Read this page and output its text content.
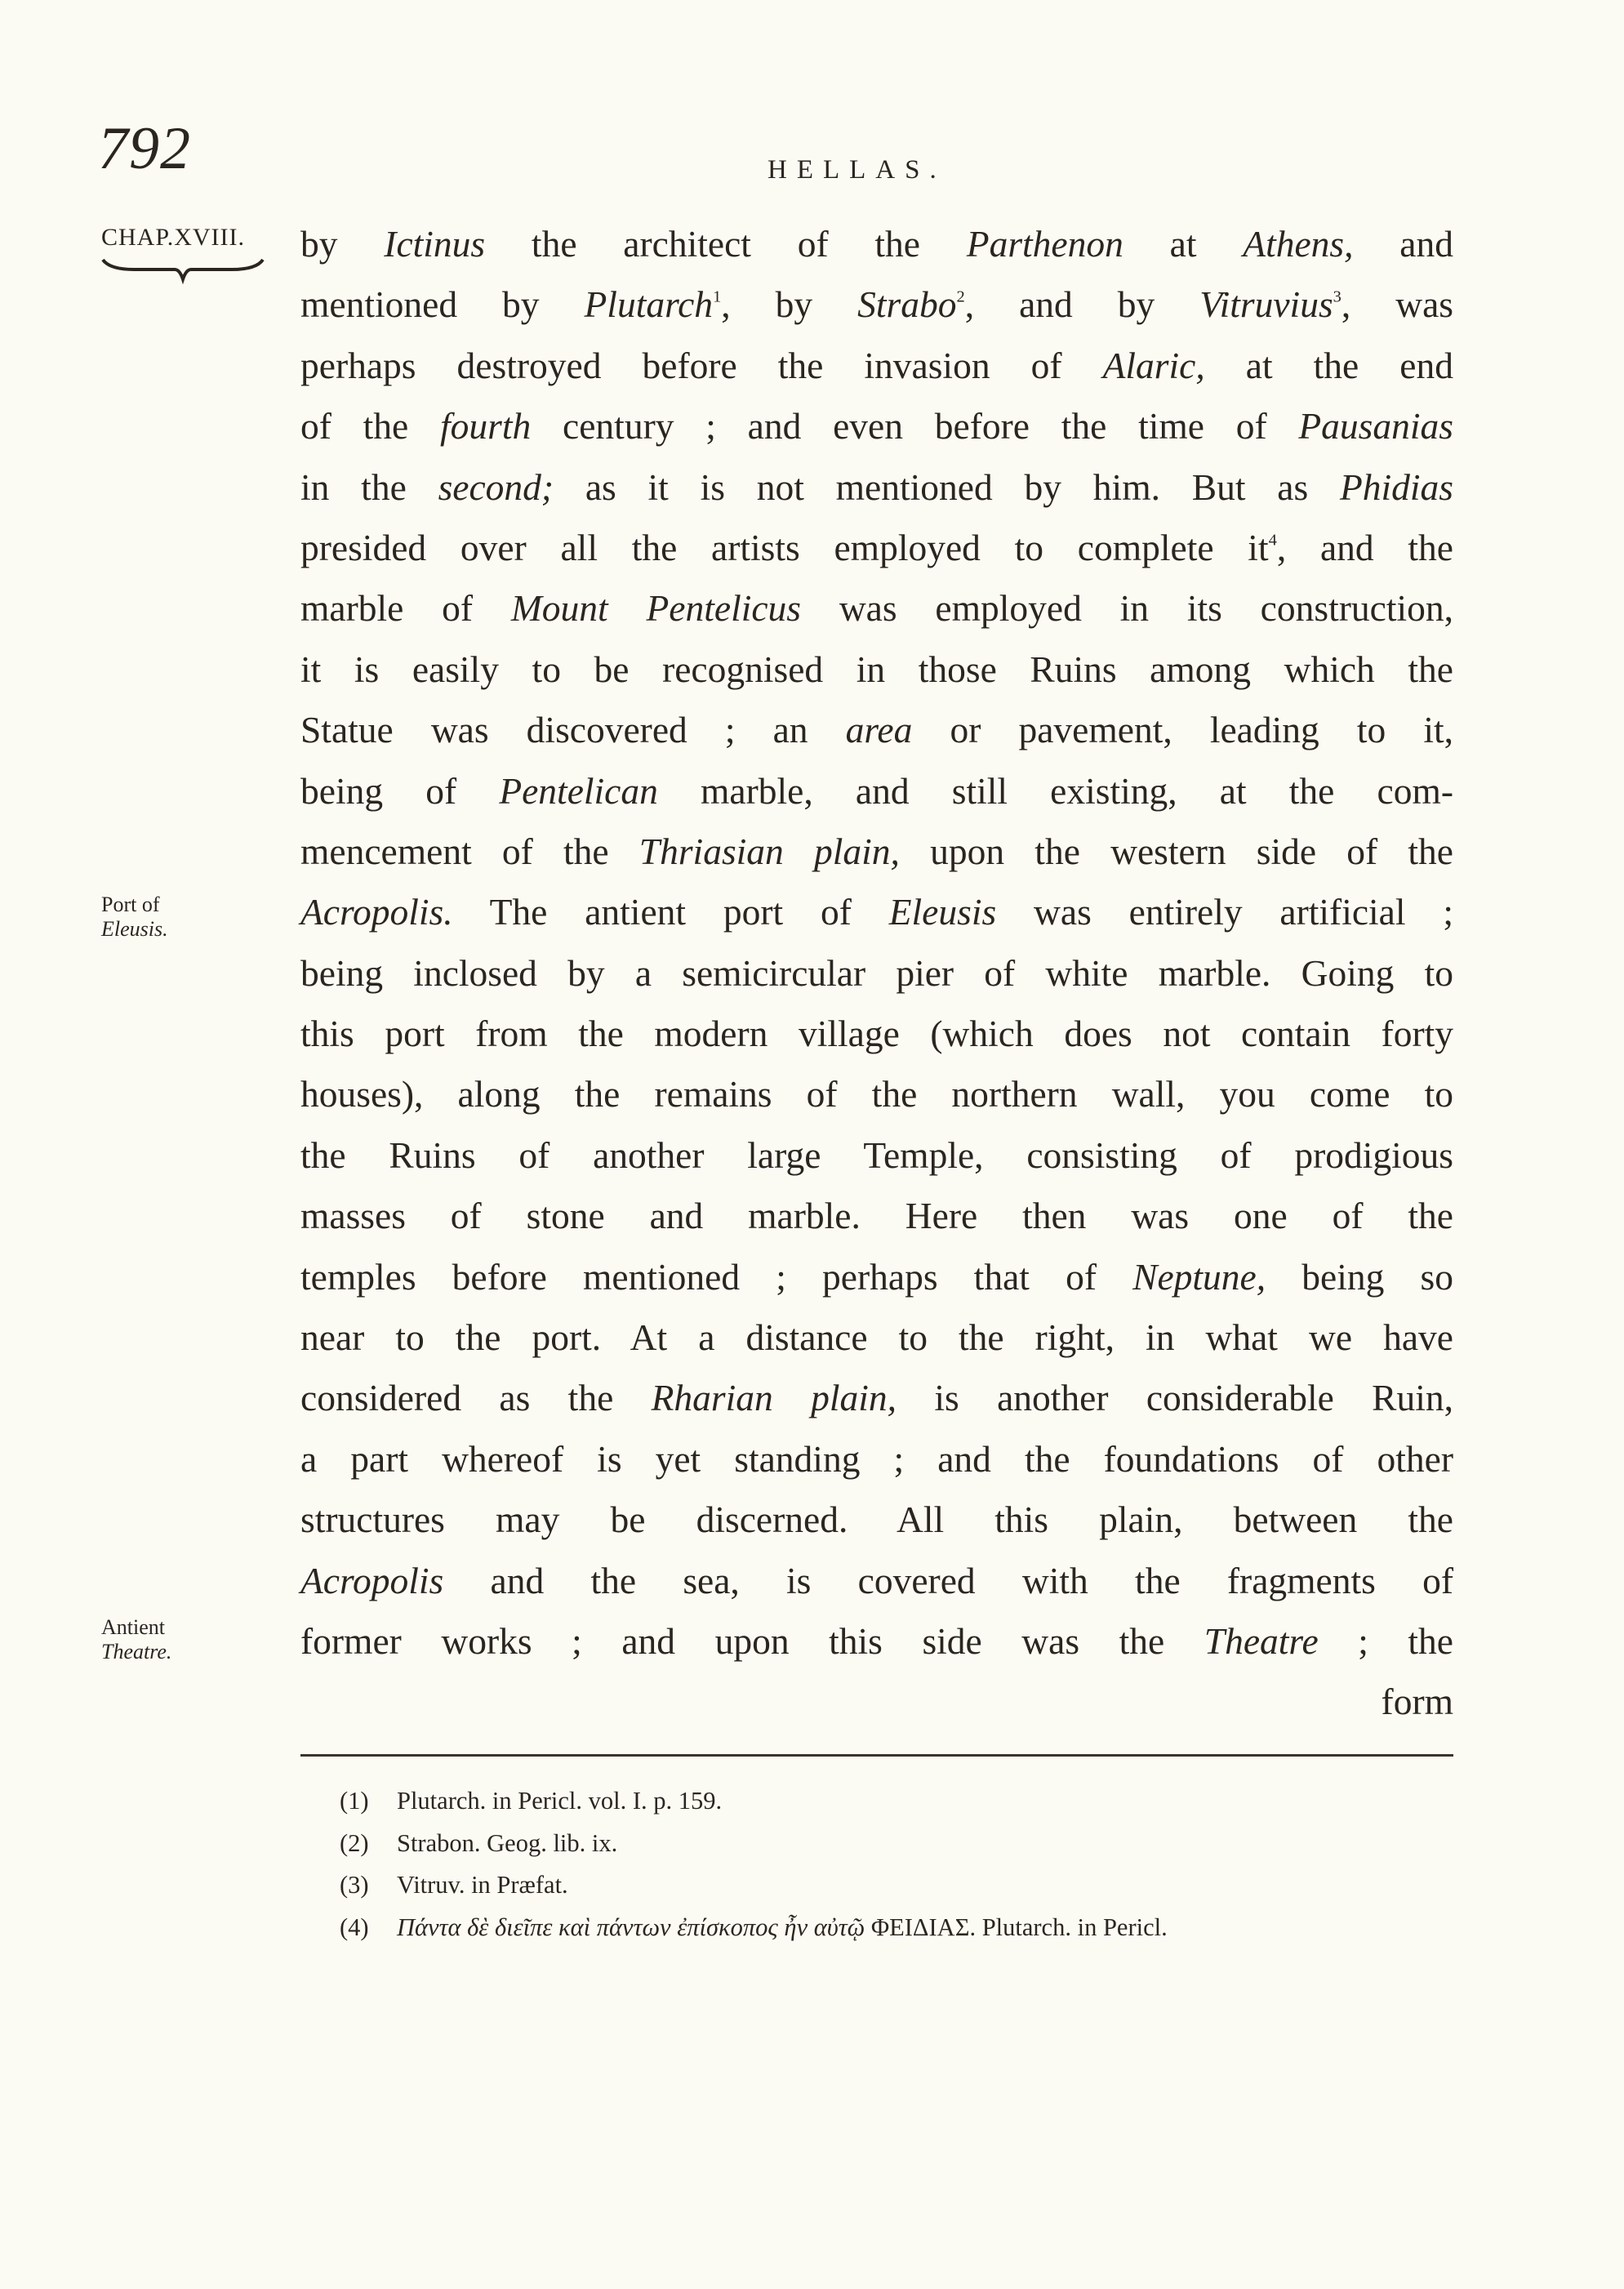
792	HELLAS.
CHAP.XVIII.
Port of
Eleusis.
Antient
Theatre.
by Ictinus the architect of the Parthenon at Athens, and
mentioned by Plutarch$^1$, by Strabo$^2$, and by Vitruvius$^3$, was
perhaps destroyed before the invasion of Alaric, at the end
of the fourth century ; and even before the time of Pausanias
in the second; as it is not mentioned by him. But as Phidias
presided over all the artists employed to complete $it^4$, and the
marble of Mount Pentelicus was employed in its construction,
it is easily to be recognised in those Ruins among which the
Statue was discovered ; an area or pavement, leading to it,
being of Pentelican marble, and still existing, at the com-
mencement of the Thriasian plain, upon the western side of the
Acropolis. The antient port of Eleusis was entirely artificial ;
being inclosed by a semicircular pier of white marble. Going to
this port from the modern village (which does not contain forty
houses), along the remains of the northern wall, you come to
the Ruins of another large Temple, consisting of prodigious
masses of stone and marble. Here then was one of the
temples before mentioned ; perhaps that of Neptune, being so
near to the port. At a distance to the right, in what we have
considered as the Rharian plain, is another considerable Ruin,
a part whereof is yet standing ; and the foundations of other
structures may be discerned. All this plain, between the
Acropolis and the sea, is covered with the fragments of
former works ; and upon this side was the Theatre ; the
form
(1) Plutarch. in Pericl. vol. I. p. 159.
(2) Strabon. Geog. lib. ix.
(3) Vitruv. in Præfat.
(4) Πάντα δὲ διεῖπε καὶ πάντων ἐπίσκοπος ἦν αὐτῷ ΦΕΙΔΙΑΣ. Plutarch. in Pericl.
